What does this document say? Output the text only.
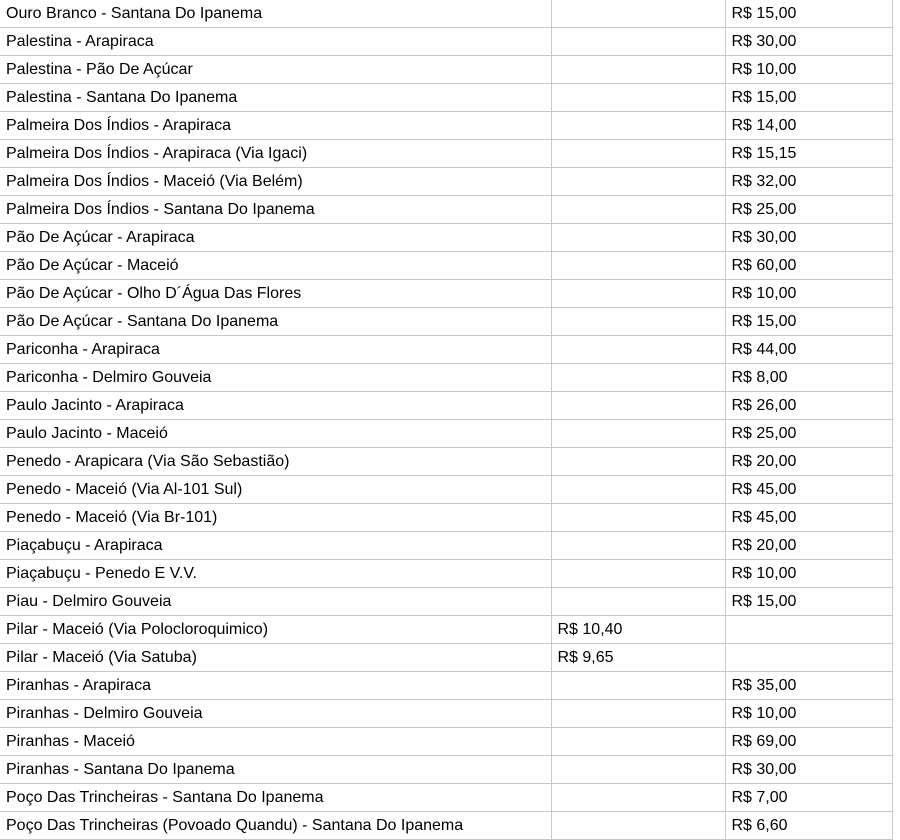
Ouro Branco - Santana Do Ipanema		R$ 15,00	
Palestina - Arapiraca		R$ 30,00	
Palestina - Pão De Açúcar		R$ 10,00	
Palestina - Santana Do Ipanema		R$ 15,00	
Palmeira Dos Índios - Arapiraca		R$ 14,00	
Palmeira Dos Índios - Arapiraca (Via Igaci)		R$ 15,15	
Palmeira Dos Índios - Maceió (Via Belém)		R$ 32,00	
Palmeira Dos Índios - Santana Do Ipanema		R$ 25,00	
Pão De Açúcar - Arapiraca		R$ 30,00	
Pão De Açúcar - Maceió		R$ 60,00	
Pão De Açúcar - Olho D´Água Das Flores		R$ 10,00	
Pão De Açúcar - Santana Do Ipanema		R$ 15,00	
Pariconha - Arapiraca		R$ 44,00	
Pariconha - Delmiro Gouveia		R$ 8,00	
Paulo Jacinto - Arapiraca		R$ 26,00	
Paulo Jacinto - Maceió		R$ 25,00	
Penedo - Arapicara (Via São Sebastião)		R$ 20,00	
Penedo - Maceió (Via Al-101 Sul)		R$ 45,00	
Penedo - Maceió (Via Br-101)		R$ 45,00	
Piaçabuçu - Arapiraca		R$ 20,00	
Piaçabuçu - Penedo E V.V.		R$ 10,00	
Piau - Delmiro Gouveia		R$ 15,00	
Pilar - Maceió (Via Polocloroquimico)	R$ 10,40		
Pilar - Maceió (Via Satuba)	R$ 9,65		
Piranhas - Arapiraca		R$ 35,00	
Piranhas - Delmiro Gouveia		R$ 10,00	
Piranhas - Maceió		R$ 69,00	
Piranhas - Santana Do Ipanema		R$ 30,00	
Poço Das Trincheiras - Santana Do Ipanema		R$ 7,00	
Poço Das Trincheiras (Povoado Quandu) - Santana Do Ipanema		R$ 6,60	
